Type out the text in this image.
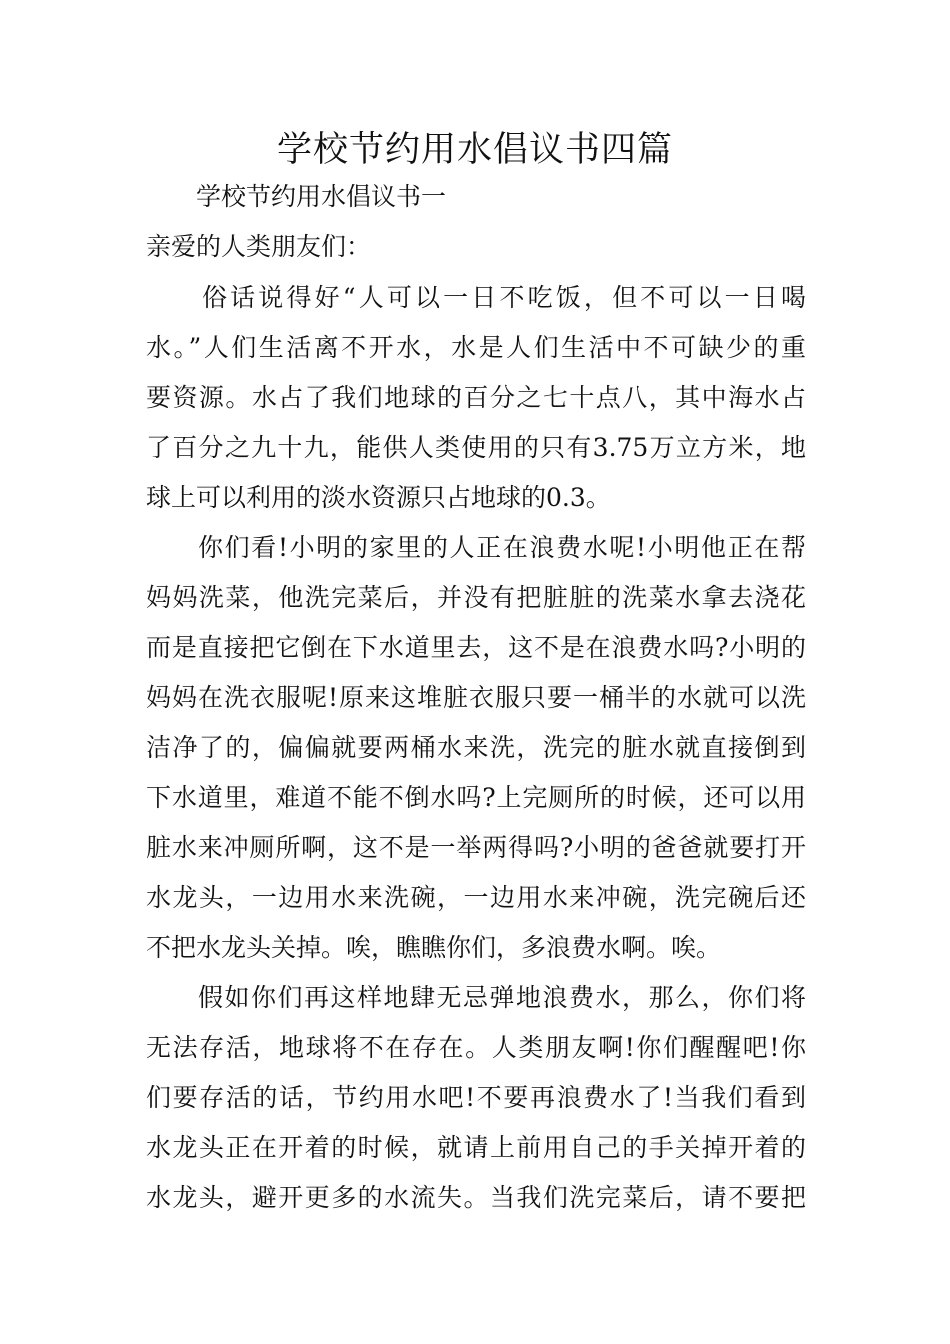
学校节约用水倡议书四篇

学校节约用水倡议书一

亲爱的人类朋友们：

俗话说得好“人可以一日不吃饭，但不可以一日喝

水。”人们生活离不开水，水是人们生活中不可缺少的重

要资源。水占了我们地球的百分之七十点八，其中海水占

了百分之九十九，能供人类使用的只有3.75万立方米，地

球上可以利用的淡水资源只占地球的0.3。

你们看!小明的家里的人正在浪费水呢!小明他正在帮

妈妈洗菜，他洗完菜后，并没有把脏脏的洗菜水拿去浇花

而是直接把它倒在下水道里去，这不是在浪费水吗?小明的

妈妈在洗衣服呢!原来这堆脏衣服只要一桶半的水就可以洗

洁净了的，偏偏就要两桶水来洗，洗完的脏水就直接倒到

下水道里，难道不能不倒水吗?上完厕所的时候，还可以用

脏水来冲厕所啊，这不是一举两得吗?小明的爸爸就要打开

水龙头，一边用水来洗碗，一边用水来冲碗，洗完碗后还

不把水龙头关掉。唉，瞧瞧你们，多浪费水啊。唉。

假如你们再这样地肆无忌弹地浪费水，那么，你们将

无法存活，地球将不在存在。人类朋友啊!你们醒醒吧!你

们要存活的话，节约用水吧!不要再浪费水了!当我们看到

水龙头正在开着的时候，就请上前用自己的手关掉开着的

水龙头，避开更多的水流失。当我们洗完菜后，请不要把
